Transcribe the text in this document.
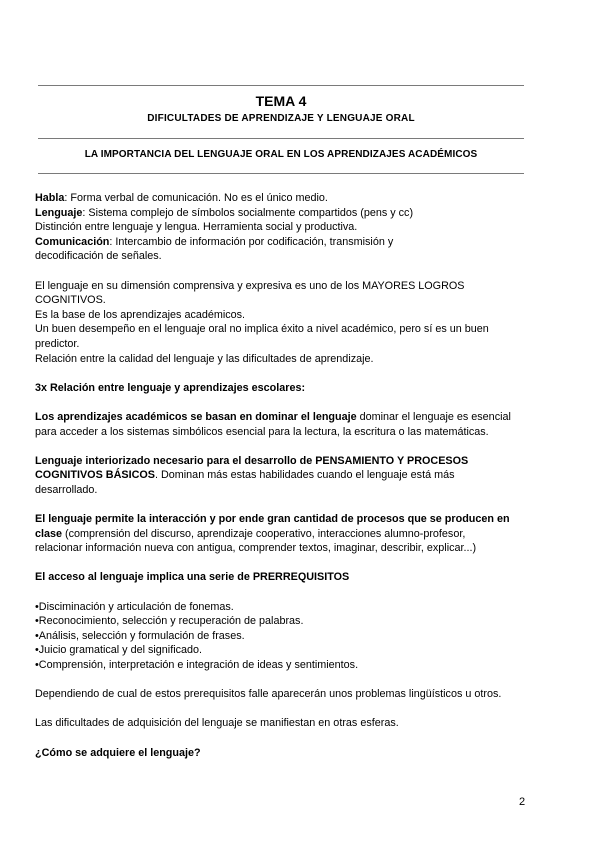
TEMA 4
DIFICULTADES DE APRENDIZAJE Y LENGUAJE ORAL
LA IMPORTANCIA DEL LENGUAJE ORAL EN LOS APRENDIZAJES ACADÉMICOS

Habla: Forma verbal de comunicación. No es el único medio.

Lenguaje: Sistema complejo de símbolos socialmente compartidos (pens y cc)

Distinción entre lenguaje y lengua. Herramienta social y productiva.

Comunicación: Intercambio de información por codificación, transmisión y

decodificación de señales.

El lenguaje en su dimensión comprensiva y expresiva es uno de los MAYORES LOGROS

COGNITIVOS.

Es la base de los aprendizajes académicos.

Un buen desempeño en el lenguaje oral no implica éxito a nivel académico, pero sí es un buen

predictor.

Relación entre la calidad del lenguaje y las dificultades de aprendizaje.

3x Relación entre lenguaje y aprendizajes escolares:

Los aprendizajes académicos se basan en dominar el lenguaje dominar el lenguaje es esencial

para acceder a los sistemas simbólicos esencial para la lectura, la escritura o las matemáticas.

Lenguaje interiorizado necesario para el desarrollo de PENSAMIENTO Y PROCESOS

COGNITIVOS BÁSICOS. Dominan más estas habilidades cuando el lenguaje está más

desarrollado.

El lenguaje permite la interacción y por ende gran cantidad de procesos que se producen en

clase (comprensión del discurso, aprendizaje cooperativo, interacciones alumno-profesor,

relacionar información nueva con antigua, comprender textos, imaginar, describir, explicar...)

El acceso al lenguaje implica una serie de PRERREQUISITOS

•Disciminación y articulación de fonemas.

•Reconocimiento, selección y recuperación de palabras.

•Análisis, selección y formulación de frases.

•Juicio gramatical y del significado.

•Comprensión, interpretación e integración de ideas y sentimientos.

Dependiendo de cual de estos prerequisitos falle aparecerán unos problemas lingüísticos u otros.

Las dificultades de adquisición del lenguaje se manifiestan en otras esferas.

¿Cómo se adquiere el lenguaje?

2
